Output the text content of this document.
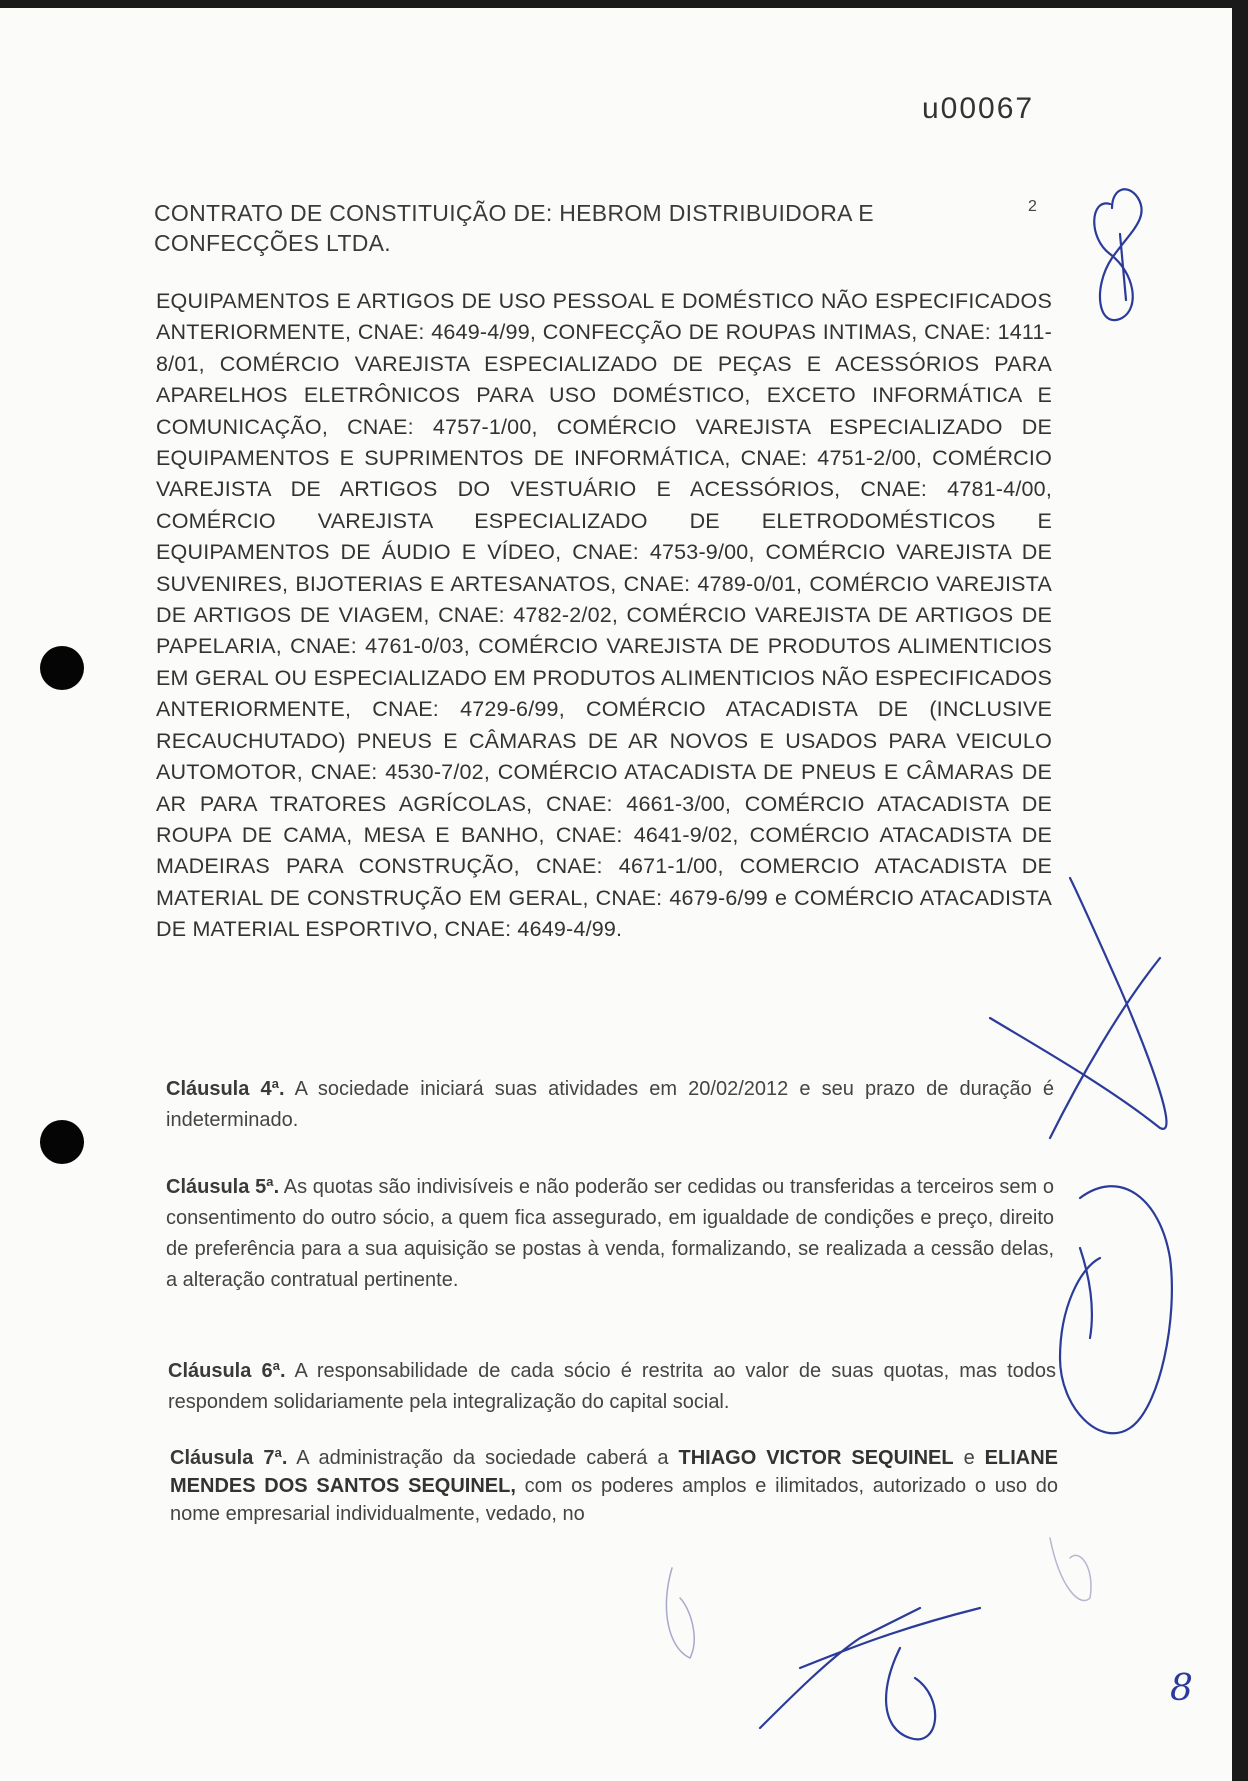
u00067
CONTRATO DE CONSTITUIÇÃO DE: HEBROM DISTRIBUIDORA E CONFECÇÕES LTDA.
2
EQUIPAMENTOS E ARTIGOS DE USO PESSOAL E DOMÉSTICO NÃO ESPECIFICADOS ANTERIORMENTE, CNAE: 4649-4/99, CONFECÇÃO DE ROUPAS INTIMAS, CNAE: 1411-8/01, COMÉRCIO VAREJISTA ESPECIALIZADO DE PEÇAS E ACESSÓRIOS PARA APARELHOS ELETRÔNICOS PARA USO DOMÉSTICO, EXCETO INFORMÁTICA E COMUNICAÇÃO, CNAE: 4757-1/00, COMÉRCIO VAREJISTA ESPECIALIZADO DE EQUIPAMENTOS E SUPRIMENTOS DE INFORMÁTICA, CNAE: 4751-2/00, COMÉRCIO VAREJISTA DE ARTIGOS DO VESTUÁRIO E ACESSÓRIOS, CNAE: 4781-4/00, COMÉRCIO VAREJISTA ESPECIALIZADO DE ELETRODOMÉSTICOS E EQUIPAMENTOS DE ÁUDIO E VÍDEO, CNAE: 4753-9/00, COMÉRCIO VAREJISTA DE SUVENIRES, BIJOTERIAS E ARTESANATOS, CNAE: 4789-0/01, COMÉRCIO VAREJISTA DE ARTIGOS DE VIAGEM, CNAE: 4782-2/02, COMÉRCIO VAREJISTA DE ARTIGOS DE PAPELARIA, CNAE: 4761-0/03, COMÉRCIO VAREJISTA DE PRODUTOS ALIMENTICIOS EM GERAL OU ESPECIALIZADO EM PRODUTOS ALIMENTICIOS NÃO ESPECIFICADOS ANTERIORMENTE, CNAE: 4729-6/99, COMÉRCIO ATACADISTA DE (INCLUSIVE RECAUCHUTADO) PNEUS E CÂMARAS DE AR NOVOS E USADOS PARA VEICULO AUTOMOTOR, CNAE: 4530-7/02, COMÉRCIO ATACADISTA DE PNEUS E CÂMARAS DE AR PARA TRATORES AGRÍCOLAS, CNAE: 4661-3/00, COMÉRCIO ATACADISTA DE ROUPA DE CAMA, MESA E BANHO, CNAE: 4641-9/02, COMÉRCIO ATACADISTA DE MADEIRAS PARA CONSTRUÇÃO, CNAE: 4671-1/00, COMERCIO ATACADISTA DE MATERIAL DE CONSTRUÇÃO EM GERAL, CNAE: 4679-6/99 e COMÉRCIO ATACADISTA DE MATERIAL ESPORTIVO, CNAE: 4649-4/99.
Cláusula 4ª. A sociedade iniciará suas atividades em 20/02/2012 e seu prazo de duração é indeterminado.
Cláusula 5ª. As quotas são indivisíveis e não poderão ser cedidas ou transferidas a terceiros sem o consentimento do outro sócio, a quem fica assegurado, em igualdade de condições e preço, direito de preferência para a sua aquisição se postas à venda, formalizando, se realizada a cessão delas, a alteração contratual pertinente.
Cláusula 6ª. A responsabilidade de cada sócio é restrita ao valor de suas quotas, mas todos respondem solidariamente pela integralização do capital social.
Cláusula 7ª. A administração da sociedade caberá a THIAGO VICTOR SEQUINEL e ELIANE MENDES DOS SANTOS SEQUINEL, com os poderes amplos e ilimitados, autorizado o uso do nome empresarial individualmente, vedado, no
8
